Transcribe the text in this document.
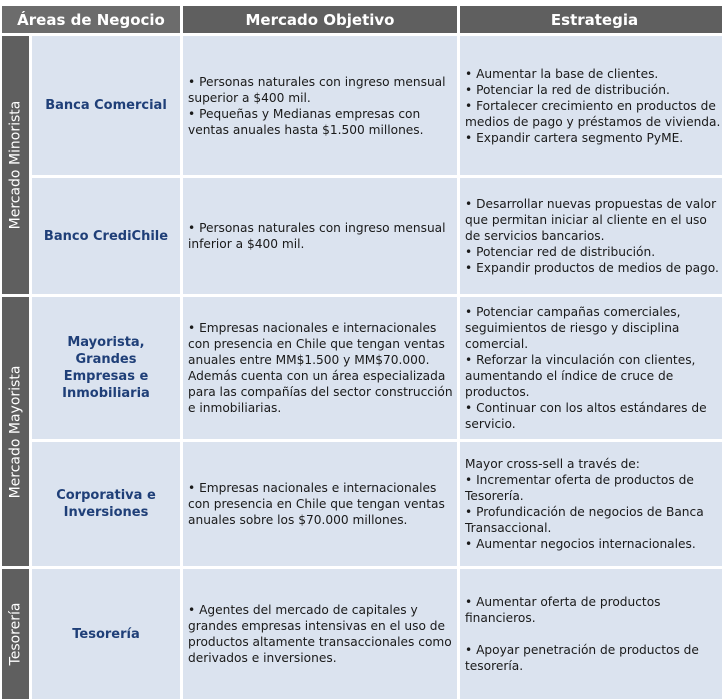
Áreas de Negocio	Mercado Objetivo	Estrategia
Mercado Minorista
Mercado Mayorista
Tesorería
Banca Comercial

• Personas naturales con ingreso mensual superior a $400 mil.

• Pequeñas y Medianas empresas con ventas anuales hasta $1.500 millones.

• Aumentar la base de clientes.

• Potenciar la red de distribución.

• Fortalecer crecimiento en productos de medios de pago y préstamos de vivienda.

• Expandir cartera segmento PyME.

Banco CrediChile

• Personas naturales con ingreso mensual inferior a $400 mil.

• Desarrollar nuevas propuestas de valor que permitan iniciar al cliente en el uso de servicios bancarios.

• Potenciar red de distribución.

• Expandir productos de medios de pago.

Mayorista, Grandes Empresas e Inmobiliaria

• Empresas nacionales e internacionales con presencia en Chile que tengan ventas anuales entre MM$1.500 y MM$70.000. Además cuenta con un área especializada para las compañías del sector construcción e inmobiliarias.

• Potenciar campañas comerciales, seguimientos de riesgo y disciplina comercial.

• Reforzar la vinculación con clientes, aumentando el índice de cruce de productos.

• Continuar con los altos estándares de servicio.

Corporativa e Inversiones

• Empresas nacionales e internacionales con presencia en Chile que tengan ventas anuales sobre los $70.000 millones.

Mayor cross-sell a través de:

• Incrementar oferta de productos de Tesorería.

• Profundicación de negocios de Banca Transaccional.

• Aumentar negocios internacionales.

Tesorería

• Agentes del mercado de capitales y grandes empresas intensivas en el uso de productos altamente transaccionales como derivados e inversiones.

• Aumentar oferta de productos financieros.

• Apoyar penetración de productos de tesorería.
